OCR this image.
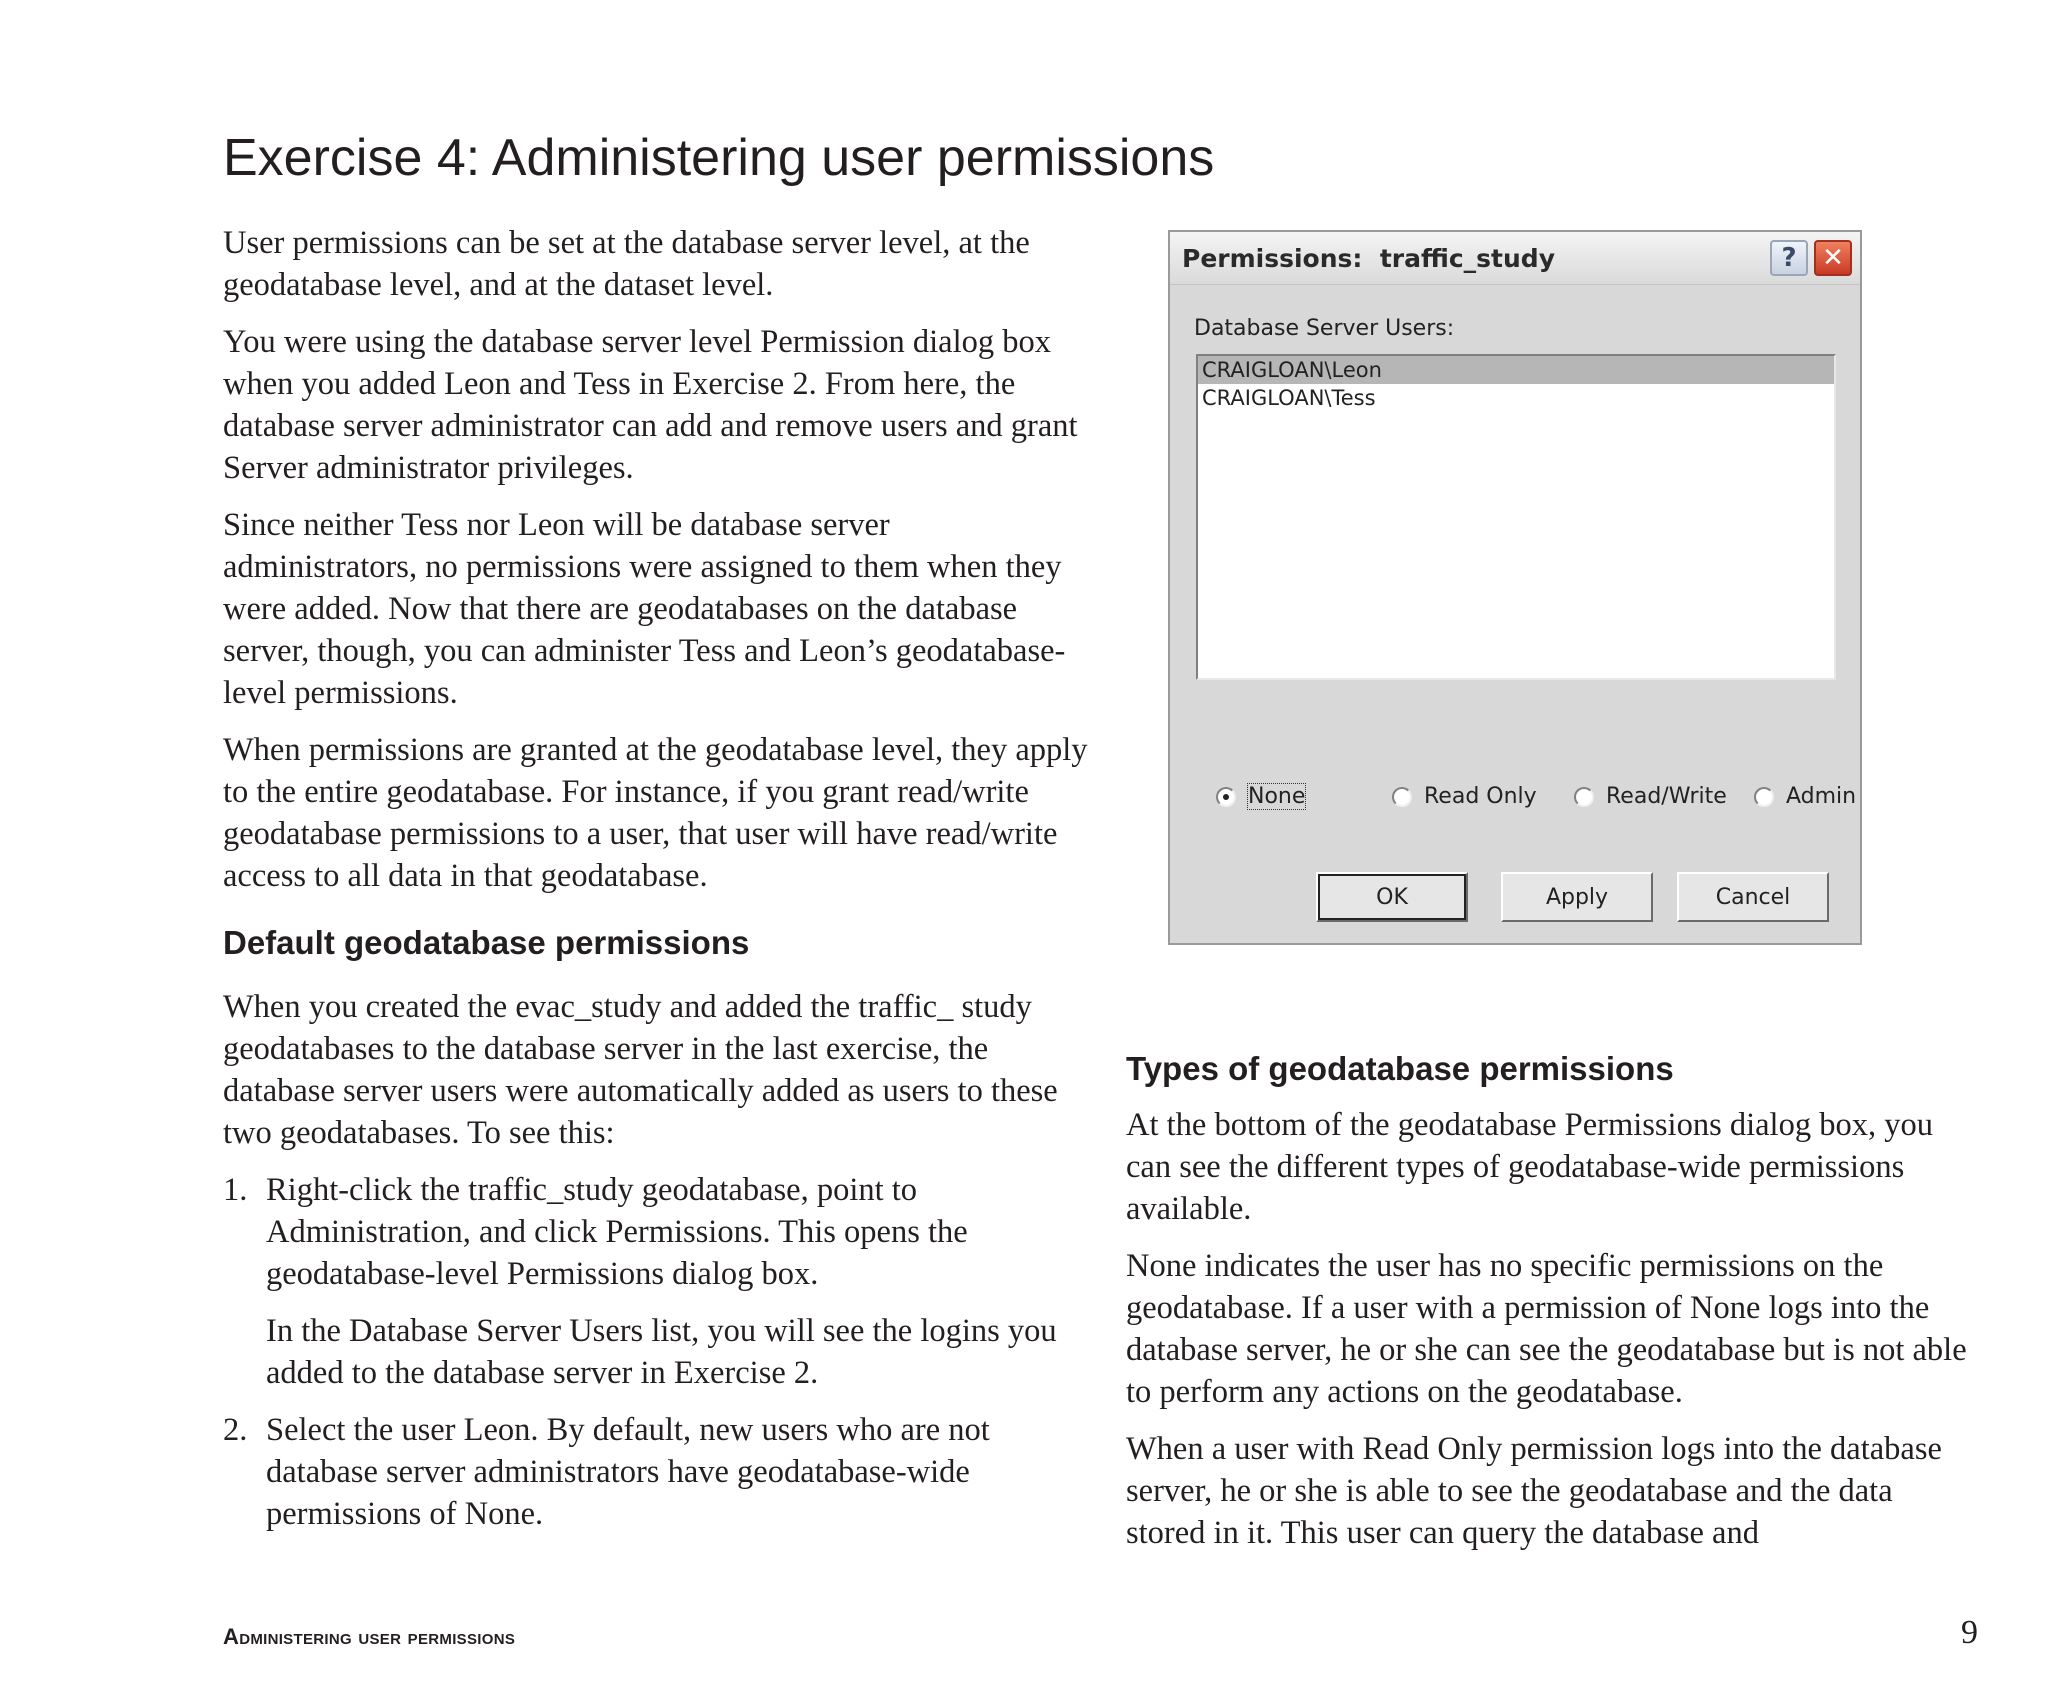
Exercise 4: Administering user permissions

User permissions can be set at the database server level, at the geodatabase level, and at the dataset level.

You were using the database server level Permission dialog box when you added Leon and Tess in Exercise 2. From here, the database server administrator can add and remove users and grant Server administrator privileges.

Since neither Tess nor Leon will be database server administrators, no permissions were assigned to them when they were added. Now that there are geodatabases on the database server, though, you can administer Tess and Leon’s geodatabase-level permissions.

When permissions are granted at the geodatabase level, they apply to the entire geodatabase. For instance, if you grant read/write geodatabase permissions to a user, that user will have read/write access to all data in that geodatabase.

Default geodatabase permissions

When you created the evac_study and added the traffic_ study geodatabases to the database server in the last exercise, the database server users were automatically added as users to these two geodatabases. To see this:

1. Right-click the traffic_study geodatabase, point to Administration, and click Permissions. This opens the geodatabase-level Permissions dialog box.

In the Database Server Users list, you will see the logins you added to the database server in Exercise 2.

2. Select the user Leon. By default, new users who are not database server administrators have geodatabase-wide permissions of None.

Permissions:  traffic_study	? ✕
Database Server Users:
CRAIGLOAN\Leon
CRAIGLOAN\Tess
None	Read Only	Read/Write	Admin
OK	Apply	Cancel
Types of geodatabase permissions

At the bottom of the geodatabase Permissions dialog box, you can see the different types of geodatabase-wide permissions available.

None indicates the user has no specific permissions on the geodatabase. If a user with a permission of None logs into the database server, he or she can see the geodatabase but is not able to perform any actions on the geodatabase.

When a user with Read Only permission logs into the database server, he or she is able to see the geodatabase and the data stored in it. This user can query the database and

Administering user permissions	9
